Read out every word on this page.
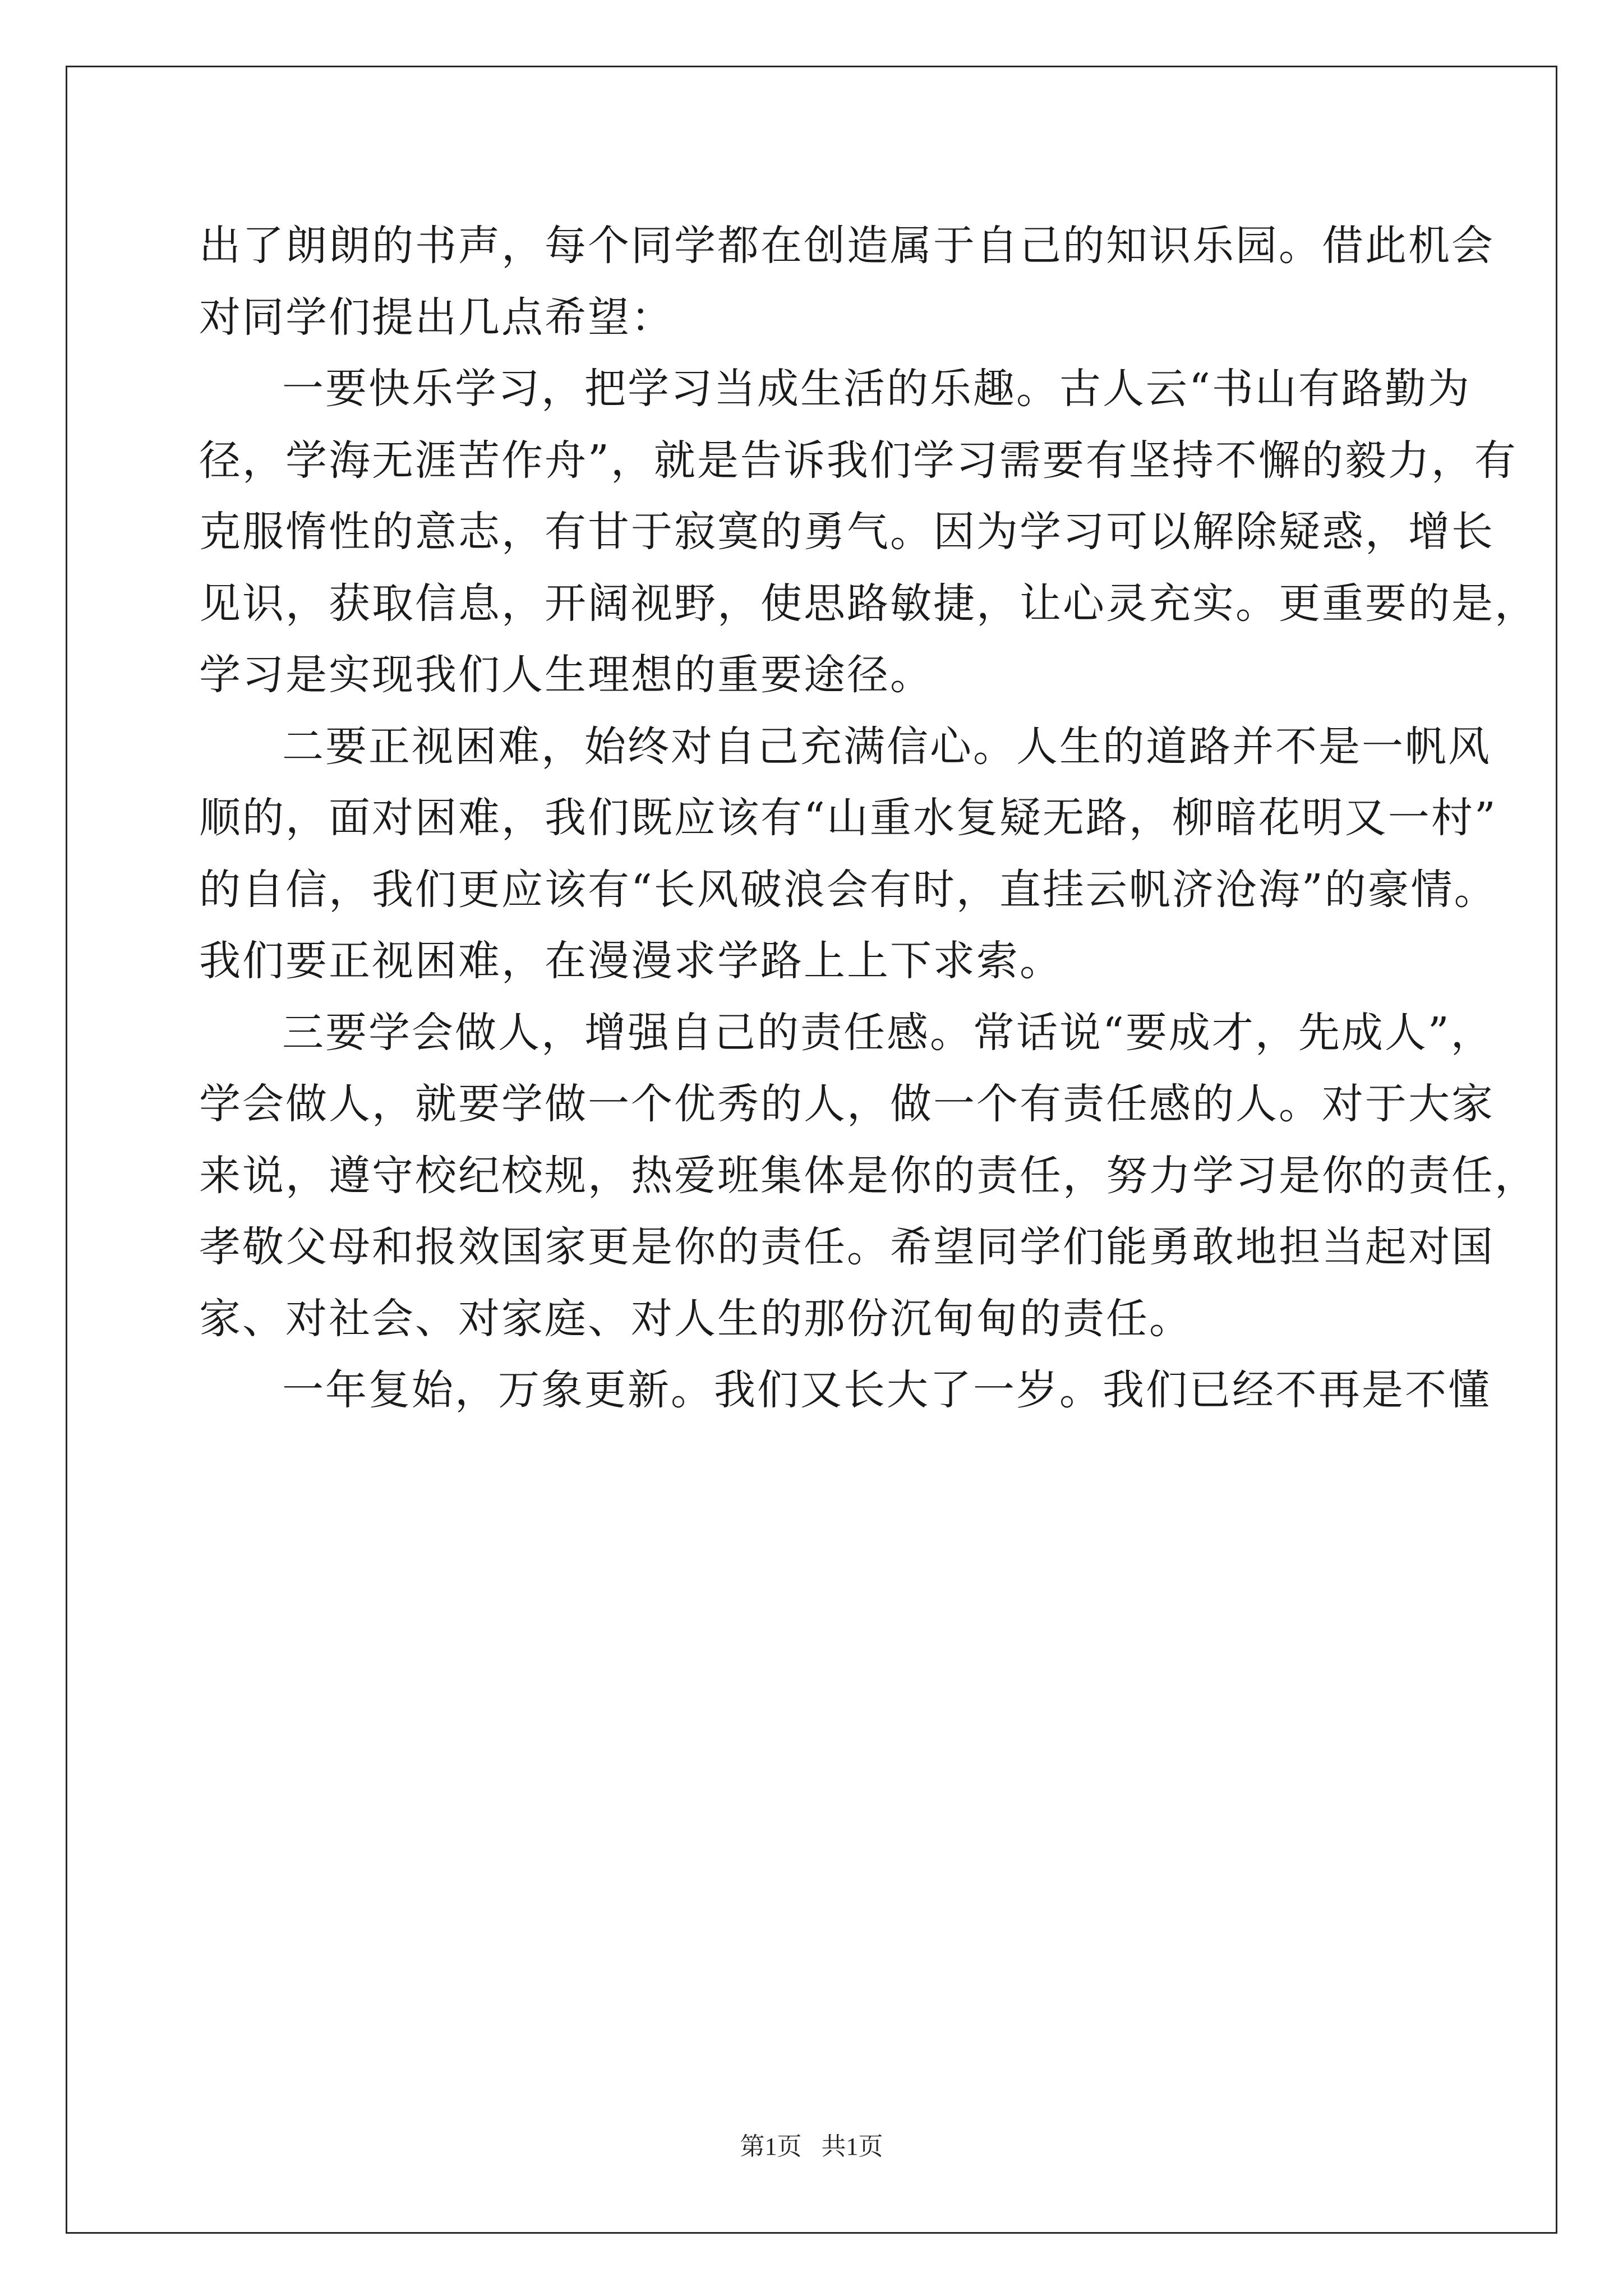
出了朗朗的书声，每个同学都在创造属于自己的知识乐园。借此机会
对同学们提出几点希望：
一要快乐学习，把学习当成生活的乐趣。古人云“书山有路勤为
径，学海无涯苦作舟”，就是告诉我们学习需要有坚持不懈的毅力，有
克服惰性的意志，有甘于寂寞的勇气。因为学习可以解除疑惑，增长
见识，获取信息，开阔视野，使思路敏捷，让心灵充实。更重要的是，
学习是实现我们人生理想的重要途径。
二要正视困难，始终对自己充满信心。人生的道路并不是一帆风
顺的，面对困难，我们既应该有“山重水复疑无路，柳暗花明又一村”
的自信，我们更应该有“长风破浪会有时，直挂云帆济沧海”的豪情。
我们要正视困难，在漫漫求学路上上下求索。
三要学会做人，增强自己的责任感。常话说“要成才，先成人”，
学会做人，就要学做一个优秀的人，做一个有责任感的人。对于大家
来说，遵守校纪校规，热爱班集体是你的责任，努力学习是你的责任，
孝敬父母和报效国家更是你的责任。希望同学们能勇敢地担当起对国
家、对社会、对家庭、对人生的那份沉甸甸的责任。
一年复始，万象更新。我们又长大了一岁。我们已经不再是不懂
第1页 共1页
